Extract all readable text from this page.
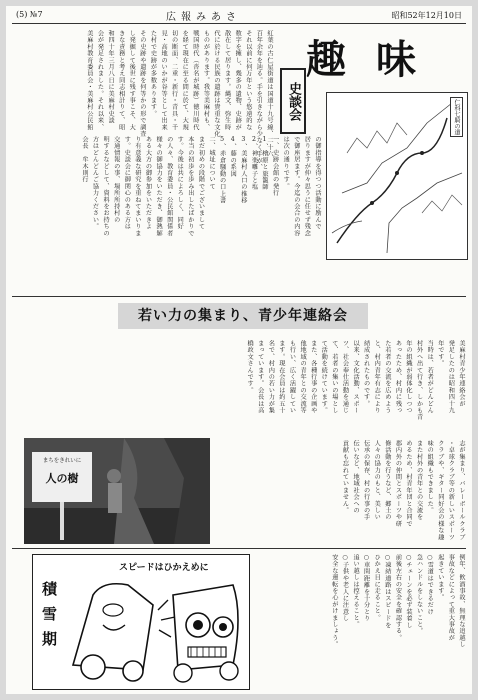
(5) №7	広報みあさ	昭和52年12月10日
趣味
史談会
紅葉の古仁屋街道は国道十九号線、二十六
百年余年を辿る。手を引きながら少なく手が、
それ以前に何万年という悠遠的な
数字を擁し、幾多の遺物、史跡が
散在して居ります。縄文、弥生時
代に於ける民族の遺跡は貴重な文化
ものがあります。我等美麻村も、
戦国時代（沓名が城跡）徳川時代
を経て現在に至る間に於て、大規
切の断面、二重・新行・青具・千
見・高地のいかが谷等として出来
た村で史跡が多数あります。
その史跡や遺跡を何等かの形で調査
し発掘して後世に残す事こそ、大
きな責務と考え同志相計りて、昭
和四十年三月八日に美麻村史談
会が発足されました。それ以来、
美麻村教育委員会・美麻村公民館
の御指導を得つつ活動に励んで
居りますが仲々思うに任せず残念
で御座居ます。今迄の会合の内容
は次の通りです。
一、史跡会館の発行
1、檜原と旅籠師
2、神楽囃子と塩
3、美麻村人口の推移
4、藤の系図
5、赤倉騒動の口上書
二、城址について
まだ初めの段階でございまして
本当の初歩を歩み出したばかりで
す。今後は共によろしく、同好
の人々、教育委員・公民館関係者
様々の御協力をいただき、御熱解
ある大方の御参加をいただきよ
り有意義な研究を重ねてまいりま
す。史談会に御関心のある方は
交通情報の事、場所所持村の
明するなどして、資料をお持ちの
方はどんどんご協力ください。
会長　牟木則行
仁科七騎の道
若い力の集まり、青少年連絡会
美麻村青少年連絡会が
発足したのは昭和四十九
年です。
当時は、若者がどんどん
村外へ出て行き、しかも青
年の組織が弱体化しつつ
あったため、村内に残っ
た若者の交流を広めよう
と、村内青年有志により
結成されたものです。
以来、文化活動、スポー
ツ、社会奉仕活動を通じ
て、若者の集いの場とし
て活動を続けています。
また、各種行事の企画や
他地域の青年との交流等
も行い、広く活躍してい
ます。現在会員は約五十
名で、村内の若い力が集
まっています。会長は高
橋政文さんです。
まちをきれいに
人の樹	志が集まり、バレーボールクラブ
・卓球クラブ等の新しいスポーツ
クラブや、ギター同好会の様な趣
味の組織もできました。
また村外の青年との交流を
めるため、村青年団と合同で
郡内外の仲間とスポーツや研
修活動を行うなど、郷土の
人々の協力のもと、美しい
伝承の保存、村の行事の手
伝いなど、地域社会への
貢献も忘れていません。
スピードはひかえめに
積雪期	例年、飲酒事故、無理な追越し
事故などによって重大事故が
起きています。
○雪道はできるだけ
急ハンドルをしないこと。
○チェーンを必ず装着し
前後左右の安全を確認する。
○凍結道路はスピードを
ひかえ目に走ること。
○車間距離を十分とり
追い越しは控えること。
○子供や老人に注意し
安全な運転を心がけましょう。
